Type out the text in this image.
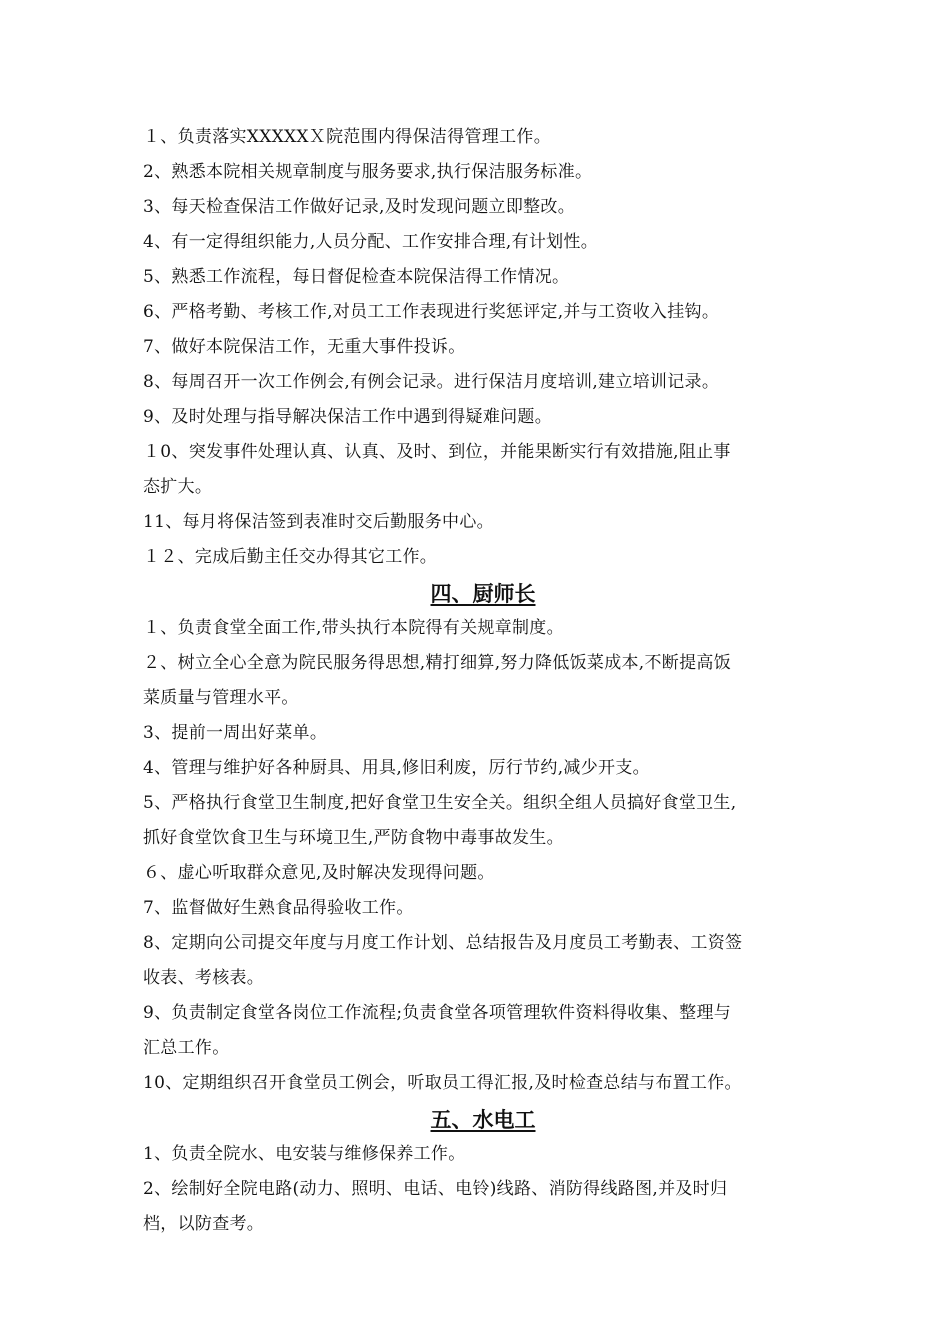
１、负责落实XXXXXＸ院范围内得保洁得管理工作。
2、熟悉本院相关规章制度与服务要求,执行保洁服务标准。
3、每天检查保洁工作做好记录,及时发现问题立即整改。
4、有一定得组织能力,人员分配、工作安排合理,有计划性。
5、熟悉工作流程，每日督促检查本院保洁得工作情况。
6、严格考勤、考核工作,对员工工作表现进行奖惩评定,并与工资收入挂钩。
7、做好本院保洁工作，无重大事件投诉。
8、每周召开一次工作例会,有例会记录。进行保洁月度培训,建立培训记录。
9、及时处理与指导解决保洁工作中遇到得疑难问题。
１0、突发事件处理认真、认真、及时、到位，并能果断实行有效措施,阻止事
态扩大。
11、每月将保洁签到表准时交后勤服务中心。
１２、完成后勤主任交办得其它工作。
四、厨师长
１、负责食堂全面工作,带头执行本院得有关规章制度。
２、树立全心全意为院民服务得思想,精打细算,努力降低饭菜成本,不断提高饭
菜质量与管理水平。
3、提前一周出好菜单。
4、管理与维护好各种厨具、用具,修旧利废，厉行节约,减少开支。
5、严格执行食堂卫生制度,把好食堂卫生安全关。组织全组人员搞好食堂卫生,
抓好食堂饮食卫生与环境卫生,严防食物中毒事故发生。
６、虚心听取群众意见,及时解决发现得问题。
7、监督做好生熟食品得验收工作。
8、定期向公司提交年度与月度工作计划、总结报告及月度员工考勤表、工资签
收表、考核表。
9、负责制定食堂各岗位工作流程;负责食堂各项管理软件资料得收集、整理与
汇总工作。
10、定期组织召开食堂员工例会，听取员工得汇报,及时检查总结与布置工作。
五、水电工
1、负责全院水、电安装与维修保养工作。
2、绘制好全院电路(动力、照明、电话、电铃)线路、消防得线路图,并及时归
档，以防查考。
